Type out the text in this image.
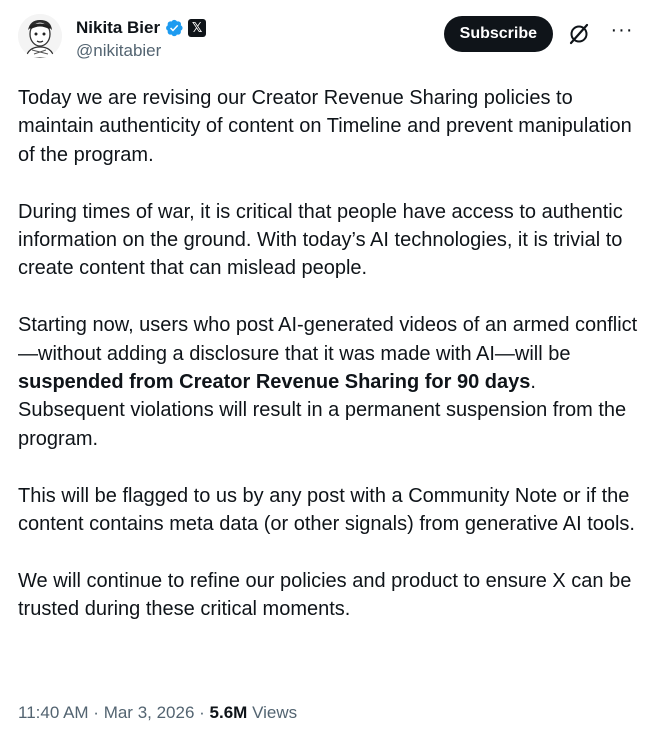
Nikita Bier 𝕏
@nikitabier
Subscribe	···

Today we are revising our Creator Revenue Sharing policies to maintain authenticity of content on Timeline and prevent manipulation of the program.

During times of war, it is critical that people have access to authentic information on the ground. With today’s AI technologies, it is trivial to create content that can mislead people.

Starting now, users who post AI-generated videos of an armed conflict—without adding a disclosure that it was made with AI—will be suspended from Creator Revenue Sharing for 90 days. Subsequent violations will result in a permanent suspension from the program.

This will be flagged to us by any post with a Community Note or if the content contains meta data (or other signals) from generative AI tools.

We will continue to refine our policies and product to ensure X can be trusted during these critical moments.

11:40 AM · Mar 3, 2026 · 5.6M Views
